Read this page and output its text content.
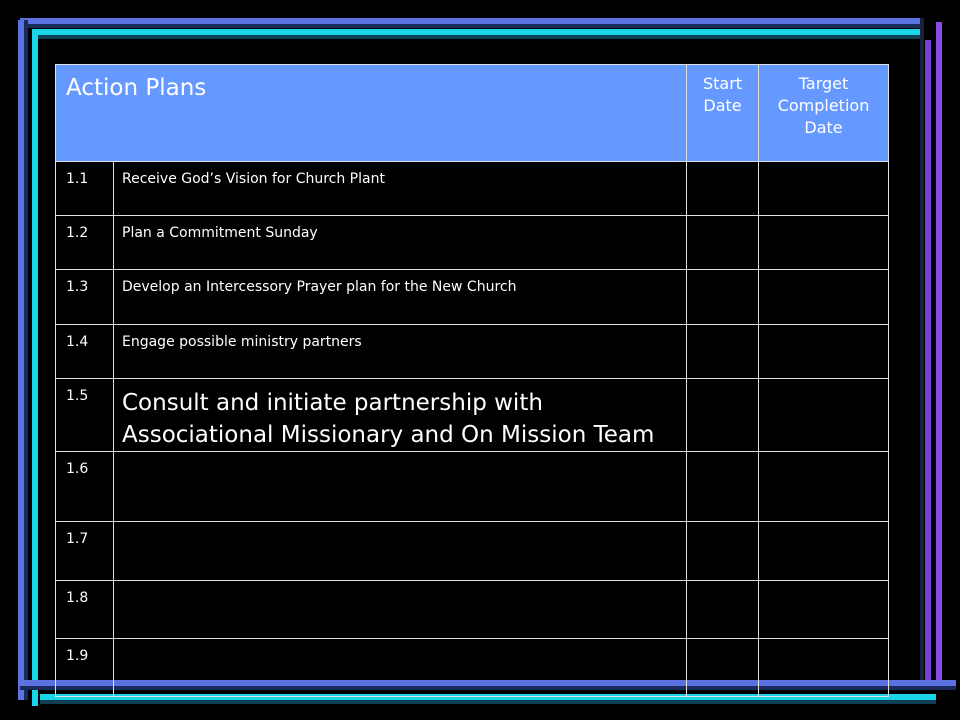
Action Plans		Start Date	Target Completion Date
1.1	Receive God’s Vision for Church Plant		
1.2	Plan a Commitment Sunday		
1.3	Develop an Intercessory Prayer plan for the New Church		
1.4	Engage possible ministry partners		
1.5	Consult and initiate partnership with Associational Missionary and On Mission Team		
1.6			
1.7			
1.8			
1.9			
